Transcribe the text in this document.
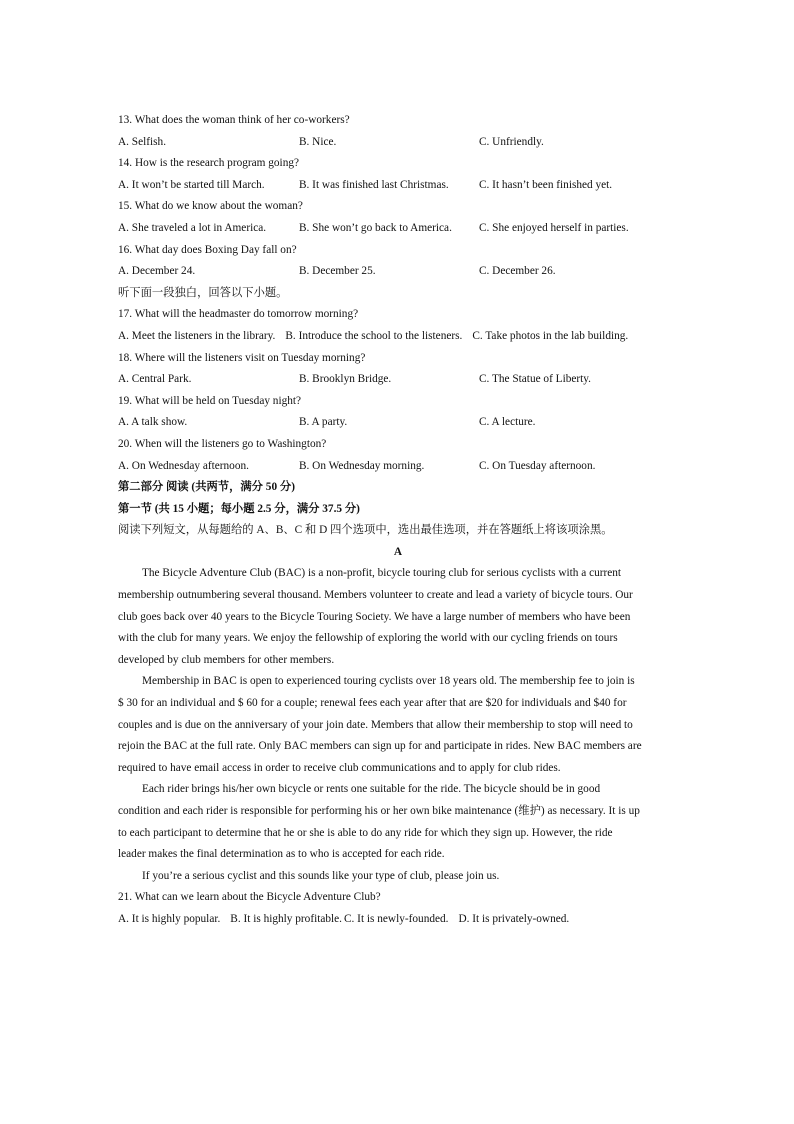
13. What does the woman think of her co-workers?
A. Selfish.	B. Nice.	C. Unfriendly.
14. How is the research program going?
A. It won’t be started till March.	B. It was finished last Christmas.	C. It hasn’t been finished yet.
15. What do we know about the woman?
A. She traveled a lot in America.	B. She won’t go back to America. C. She enjoyed herself in parties.
16. What day does Boxing Day fall on?
A. December 24.	B. December 25.	C. December 26.
听下面一段独白，回答以下小题。
17. What will the headmaster do tomorrow morning?
A. Meet the listeners in the library. B. Introduce the school to the listeners. C. Take photos in the lab building.
18. Where will the listeners visit on Tuesday morning?
A. Central Park.	B. Brooklyn Bridge.	C. The Statue of Liberty.
19. What will be held on Tuesday night?
A. A talk show.	B. A party.	C. A lecture.
20. When will the listeners go to Washington?
A. On Wednesday afternoon.	B. On Wednesday morning.	C. On Tuesday afternoon.
第二部分 阅读 (共两节，满分 50 分)
第一节 (共 15 小题；每小题 2.5 分，满分 37.5 分)
阅读下列短文，从每题给的 A、B、C 和 D 四个选项中，选出最佳选项，并在答题纸上将该项涂黑。
A
The Bicycle Adventure Club (BAC) is a non-profit, bicycle touring club for serious cyclists with a current
membership outnumbering several thousand. Members volunteer to create and lead a variety of bicycle tours. Our
club goes back over 40 years to the Bicycle Touring Society. We have a large number of members who have been
with the club for many years. We enjoy the fellowship of exploring the world with our cycling friends on tours
developed by club members for other members.
Membership in BAC is open to experienced touring cyclists over 18 years old. The membership fee to join is
$ 30 for an individual and $ 60 for a couple; renewal fees each year after that are $20 for individuals and $40 for
couples and is due on the anniversary of your join date. Members that allow their membership to stop will need to
rejoin the BAC at the full rate. Only BAC members can sign up for and participate in rides. New BAC members are
required to have email access in order to receive club communications and to apply for club rides.
Each rider brings his/her own bicycle or rents one suitable for the ride. The bicycle should be in good
condition and each rider is responsible for performing his or her own bike maintenance (维护) as necessary. It is up
to each participant to determine that he or she is able to do any ride for which they sign up. However, the ride
leader makes the final determination as to who is accepted for each ride.
If you’re a serious cyclist and this sounds like your type of club, please join us.
21. What can we learn about the Bicycle Adventure Club?
A. It is highly popular. B. It is highly profitable. C. It is newly-founded. D. It is privately-owned.
